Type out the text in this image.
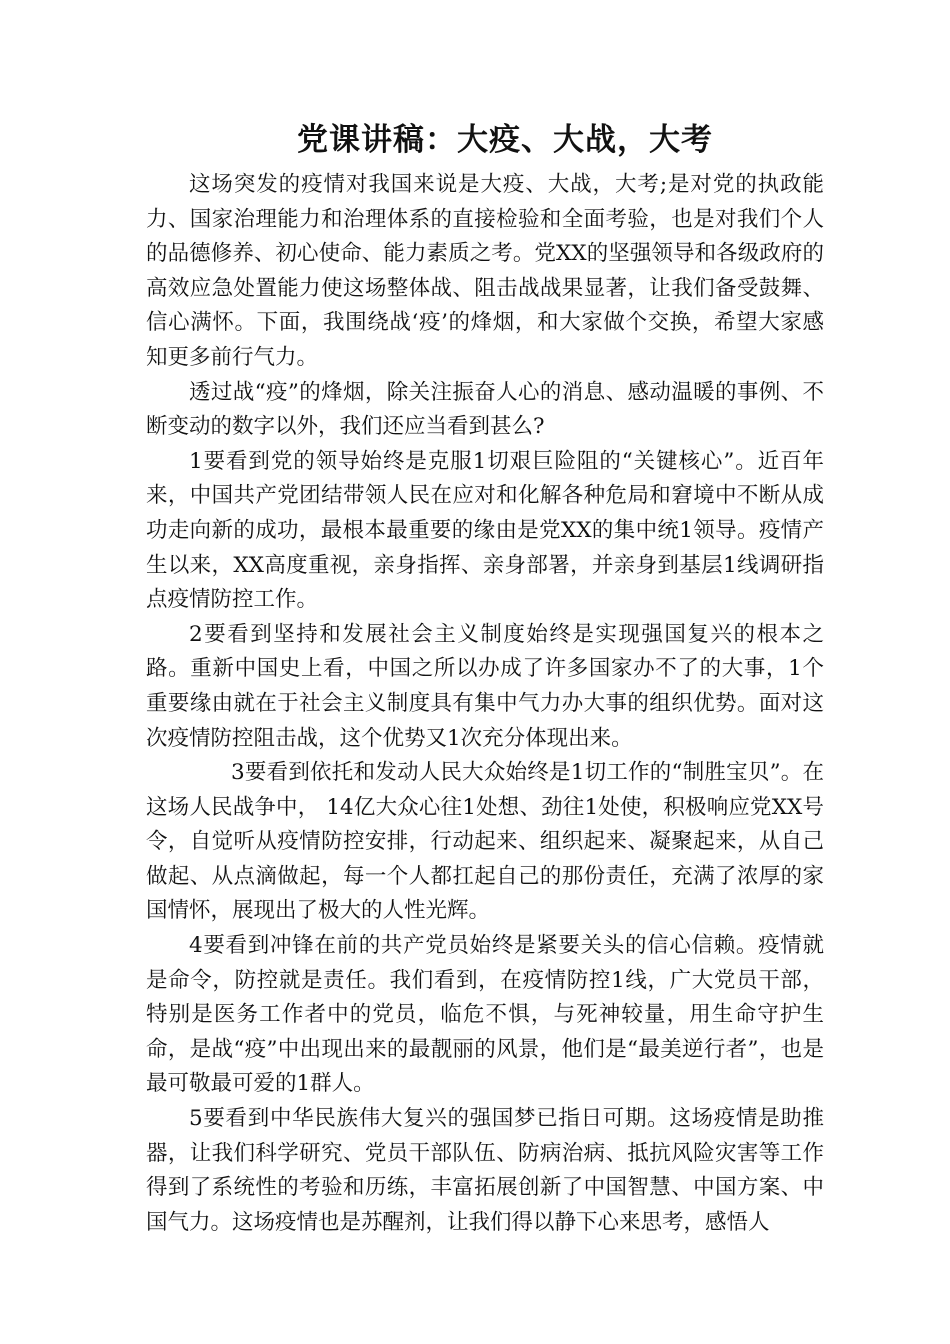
党课讲稿：大疫、大战，大考

这场突发的疫情对我国来说是大疫、大战，大考;是对党的执政能力、国家治理能力和治理体系的直接检验和全面考验，也是对我们个人的品德修养、初心使命、能力素质之考。党XX的坚强领导和各级政府的高效应急处置能力使这场整体战、阻击战战果显著，让我们备受鼓舞、信心满怀。下面，我围绕战‘疫’的烽烟，和大家做个交换，希望大家感知更多前行气力。

透过战“疫”的烽烟，除关注振奋人心的消息、感动温暖的事例、不断变动的数字以外，我们还应当看到甚么?

1要看到党的领导始终是克服1切艰巨险阻的“关键核心”。近百年来，中国共产党团结带领人民在应对和化解各种危局和窘境中不断从成功走向新的成功，最根本最重要的缘由是党XX的集中统1领导。疫情产生以来，XX高度重视，亲身指挥、亲身部署，并亲身到基层1线调研指点疫情防控工作。

2要看到坚持和发展社会主义制度始终是实现强国复兴的根本之路。重新中国史上看，中国之所以办成了许多国家办不了的大事，1个重要缘由就在于社会主义制度具有集中气力办大事的组织优势。面对这次疫情防控阻击战，这个优势又1次充分体现出来。

3要看到依托和发动人民大众始终是1切工作的“制胜宝贝”。在这场人民战争中， 14亿大众心往1处想、劲往1处使，积极响应党XX号令，自觉听从疫情防控安排，行动起来、组织起来、凝聚起来，从自己做起、从点滴做起，每一个人都扛起自己的那份责任，充满了浓厚的家国情怀，展现出了极大的人性光辉。

4要看到冲锋在前的共产党员始终是紧要关头的信心信赖。疫情就是命令，防控就是责任。我们看到，在疫情防控1线，广大党员干部，特别是医务工作者中的党员，临危不惧，与死神较量，用生命守护生命，是战“疫”中出现出来的最靓丽的风景，他们是“最美逆行者”，也是最可敬最可爱的1群人。

5要看到中华民族伟大复兴的强国梦已指日可期。这场疫情是助推器，让我们科学研究、党员干部队伍、防病治病、抵抗风险灾害等工作得到了系统性的考验和历练，丰富拓展创新了中国智慧、中国方案、中国气力。这场疫情也是苏醒剂，让我们得以静下心来思考，感悟人
